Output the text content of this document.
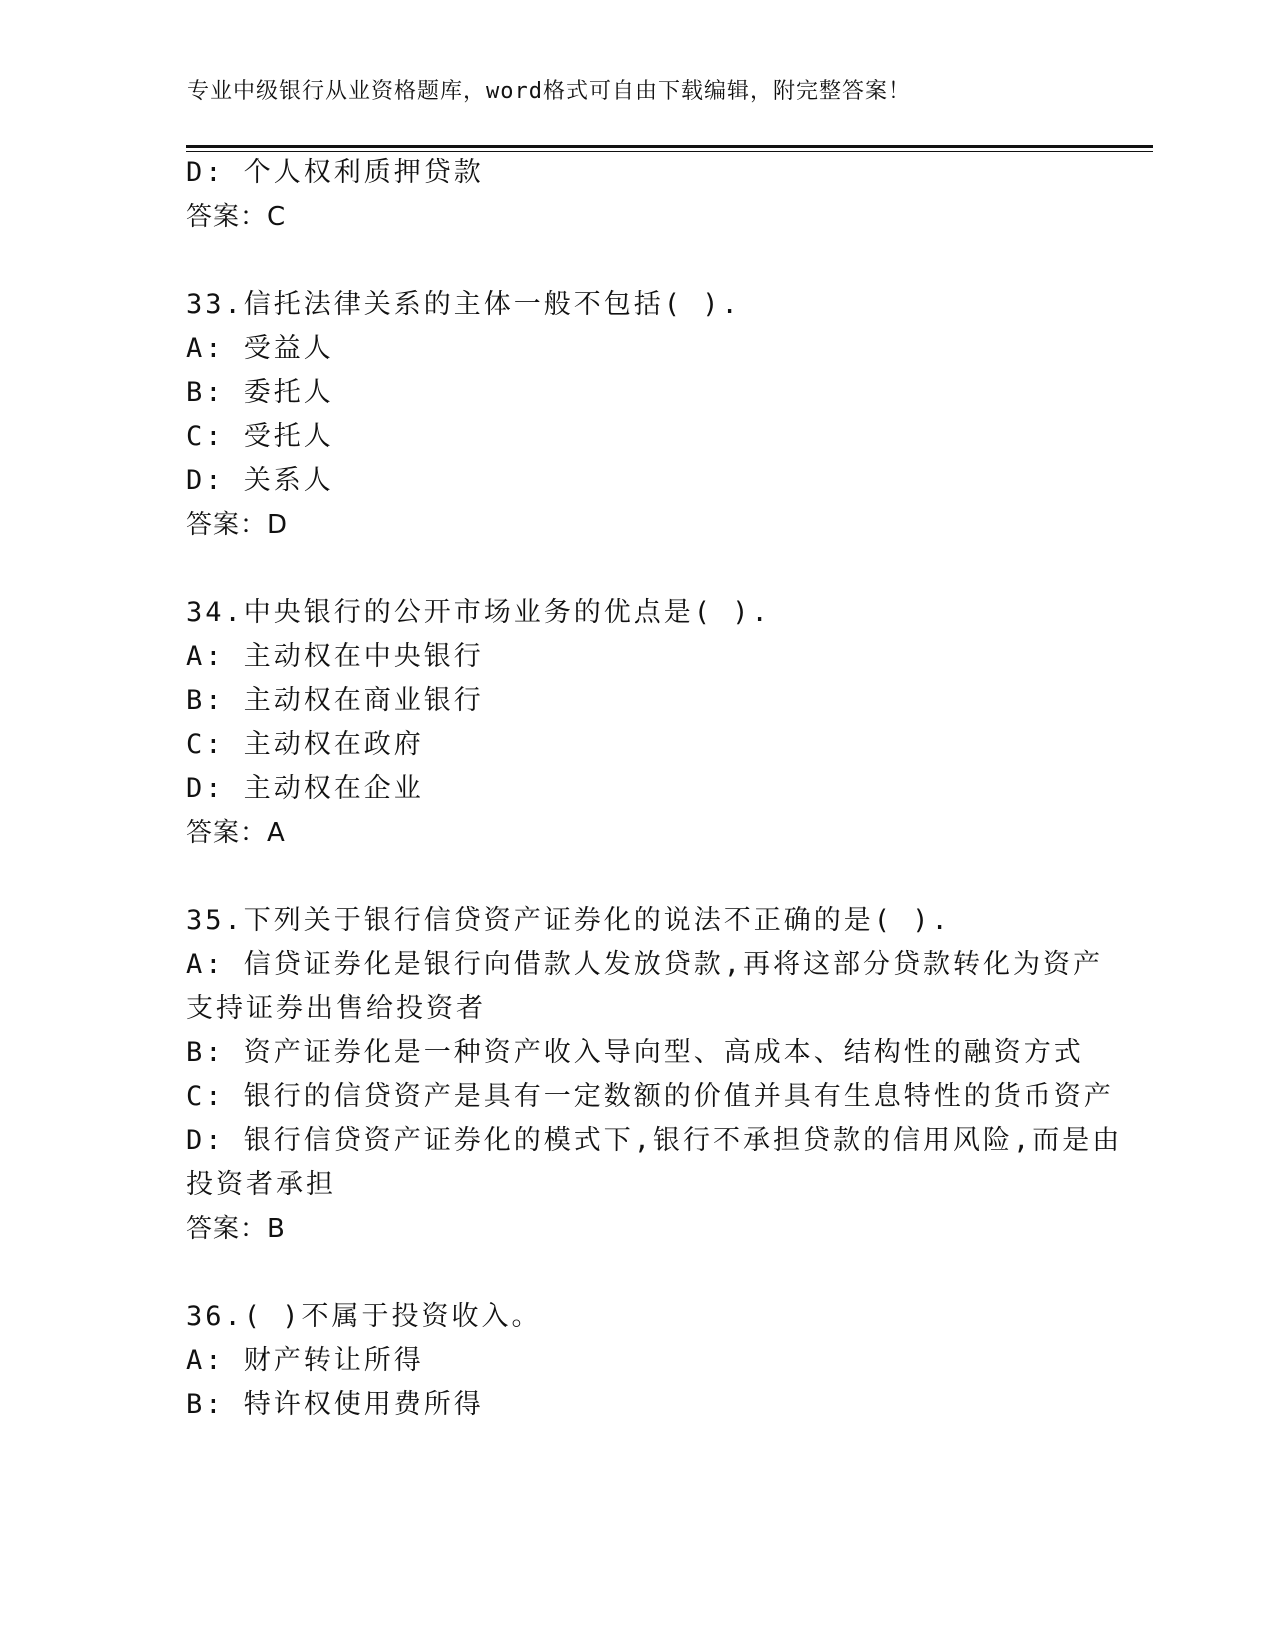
专业中级银行从业资格题库，word格式可自由下载编辑，附完整答案！
D: 个人权利质押贷款
答案：C
33.信托法律关系的主体一般不包括( ).
A: 受益人
B: 委托人
C: 受托人
D: 关系人
答案：D
34.中央银行的公开市场业务的优点是( ).
A: 主动权在中央银行
B: 主动权在商业银行
C: 主动权在政府
D: 主动权在企业
答案：A
35.下列关于银行信贷资产证券化的说法不正确的是( ).
A: 信贷证券化是银行向借款人发放贷款,再将这部分贷款转化为资产
支持证券出售给投资者
B: 资产证券化是一种资产收入导向型、高成本、结构性的融资方式
C: 银行的信贷资产是具有一定数额的价值并具有生息特性的货币资产
D: 银行信贷资产证券化的模式下,银行不承担贷款的信用风险,而是由
投资者承担
答案：B
36.( )不属于投资收入。
A: 财产转让所得
B: 特许权使用费所得
